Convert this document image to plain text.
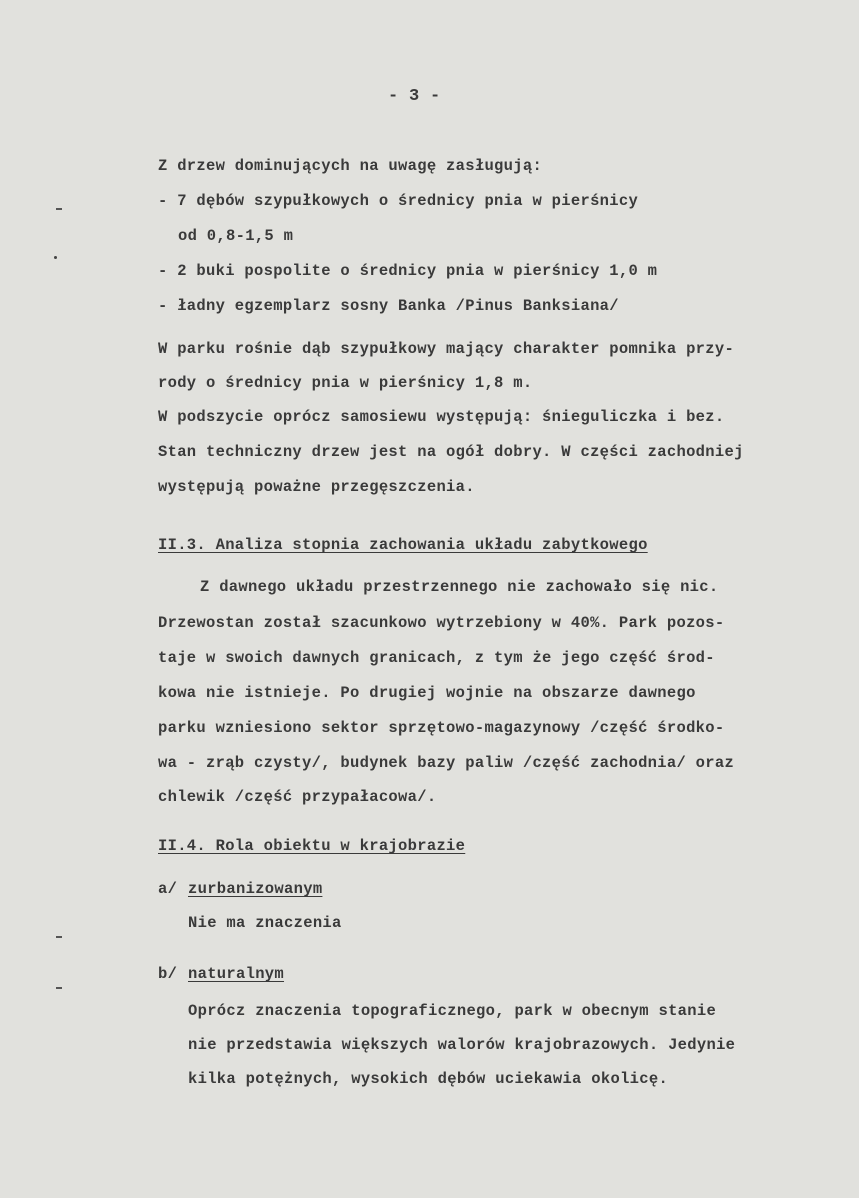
- 3 -
Z drzew dominujących na uwagę zasługują:
- 7 dębów szypułkowych o średnicy pnia w pierśnicy
od 0,8-1,5 m
- 2 buki pospolite o średnicy pnia w pierśnicy 1,0 m
- ładny egzemplarz sosny Banka /Pinus Banksiana/
W parku rośnie dąb szypułkowy mający charakter pomnika przy-
rody o średnicy pnia w pierśnicy 1,8 m.
W podszycie oprócz samosiewu występują: śnieguliczka i bez.
Stan techniczny drzew jest na ogół dobry. W części zachodniej
występują poważne przegęszczenia.
II.3. Analiza stopnia zachowania układu zabytkowego
Z dawnego układu przestrzennego nie zachowało się nic.
Drzewostan został szacunkowo wytrzebiony w 40%. Park pozos-
taje w swoich dawnych granicach, z tym że jego część środ-
kowa nie istnieje. Po drugiej wojnie na obszarze dawnego
parku wzniesiono sektor sprzętowo-magazynowy /część środko-
wa - zrąb czysty/, budynek bazy paliw /część zachodnia/ oraz
chlewik /część przypałacowa/.
II.4. Rola obiektu w krajobrazie
a/ zurbanizowanym
Nie ma znaczenia
b/ naturalnym
Oprócz znaczenia topograficznego, park w obecnym stanie
nie przedstawia większych walorów krajobrazowych. Jedynie
kilka potężnych, wysokich dębów uciekawia okolicę.
